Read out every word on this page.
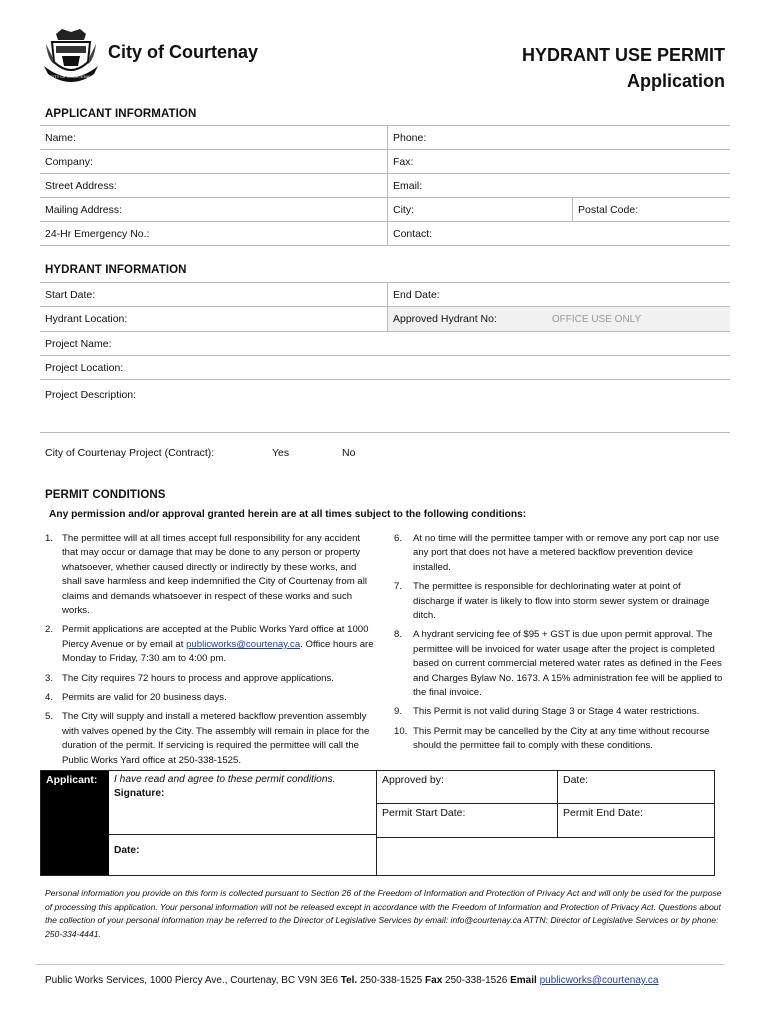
CITY OF COURTENAY
City of Courtenay	HYDRANT USE PERMIT
Application
APPLICANT INFORMATION
Name:	Phone:
Company:	Fax:
Street Address:	Email:
Mailing Address:	City:	Postal Code:
24-Hr Emergency No.:	Contact:
HYDRANT INFORMATION
Start Date:	End Date:
Hydrant Location:	Approved Hydrant No:	OFFICE USE ONLY
Project Name:
Project Location:
Project Description:
City of Courtenay Project (Contract):	Yes	No
PERMIT CONDITIONS
Any permission and/or approval granted herein are at all times subject to the following conditions:
1. The permittee will at all times accept full responsibility for any accident that may occur or damage that may be done to any person or property whatsoever, whether caused directly or indirectly by these works, and shall save harmless and keep indemnified the City of Courtenay from all claims and demands whatsoever in respect of these works and such works.
2. Permit applications are accepted at the Public Works Yard office at 1000 Piercy Avenue or by email at publicworks@courtenay.ca. Office hours are Monday to Friday, 7:30 am to 4:00 pm.
3. The City requires 72 hours to process and approve applications.
4. Permits are valid for 20 business days.
5. The City will supply and install a metered backflow prevention assembly with valves opened by the City. The assembly will remain in place for the duration of the permit. If servicing is required the permittee will call the Public Works Yard office at 250-338-1525.
6.	At no time will the permittee tamper with or remove any port cap nor use any port that does not have a metered backflow prevention device installed.
7.	The permittee is responsible for dechlorinating water at point of discharge if water is likely to flow into storm sewer system or drainage ditch.
8.	A hydrant servicing fee of $95 + GST is due upon permit approval. The permittee will be invoiced for water usage after the project is completed based on current commercial metered water rates as defined in the Fees and Charges Bylaw No. 1673. A 15% administration fee will be applied to the final invoice.
9.	This Permit is not valid during Stage 3 or Stage 4 water restrictions.
10. This Permit may be cancelled by the City at any time without recourse should the permittee fail to comply with these conditions.
Applicant:	I have read and agree to these permit conditions.
Signature:
Date:
Approved by:	Date:
Permit Start Date:	Permit End Date:
Personal information you provide on this form is collected pursuant to Section 26 of the Freedom of Information and Protection of Privacy Act and will only be used for the purpose of processing this application. Your personal information will not be released except in accordance with the Freedom of Information and Protection of Privacy Act. Questions about the collection of your personal information may be referred to the Director of Legislative Services by email: info@courtenay.ca ATTN: Director of Legislative Services or by phone: 250-334-4441.
Public Works Services, 1000 Piercy Ave., Courtenay, BC V9N 3E6 Tel. 250-338-1525 Fax 250-338-1526 Email publicworks@courtenay.ca
